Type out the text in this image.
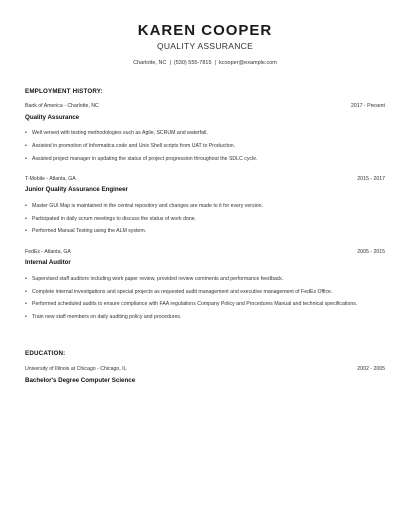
KAREN COOPER
QUALITY ASSURANCE
Charlotte, NC | (530) 555-7815 | kcooper@example.com
EMPLOYMENT HISTORY:
Bank of America - Charlotte, NC	2017 - Present
Quality Assurance
• Well versed with testing methodologies such as Agile, SCRUM and waterfall.
• Assisted in promotion of Informatica code and Unix Shell scripts from UAT to Production.
• Assisted project manager in updating the status of project progression throughout the SDLC cycle.
T-Mobile - Atlanta, GA	2015 - 2017
Junior Quality Assurance Engineer
• Master GUI Map is maintained in the central repository and changes are made to it for every version.
• Participated in daily scrum meetings to discuss the status of work done.
• Performed Manual Testing using the ALM system.
FedEx - Atlanta, GA	2005 - 2015
Internal Auditor
• Supervised staff auditors including work paper review, provided review comments and performance feedback.
• Complete internal investigations and special projects as requested audit management and executive management of FedEx Office.
• Performed scheduled audits to ensure compliance with FAA regulations Company Policy and Procedures Manual and technical specifications.
• Train new staff members on daily auditing policy and procedures.
EDUCATION:
University of Illinois at Chicago - Chicago, IL	2002 - 2005
Bachelor's Degree Computer Science
